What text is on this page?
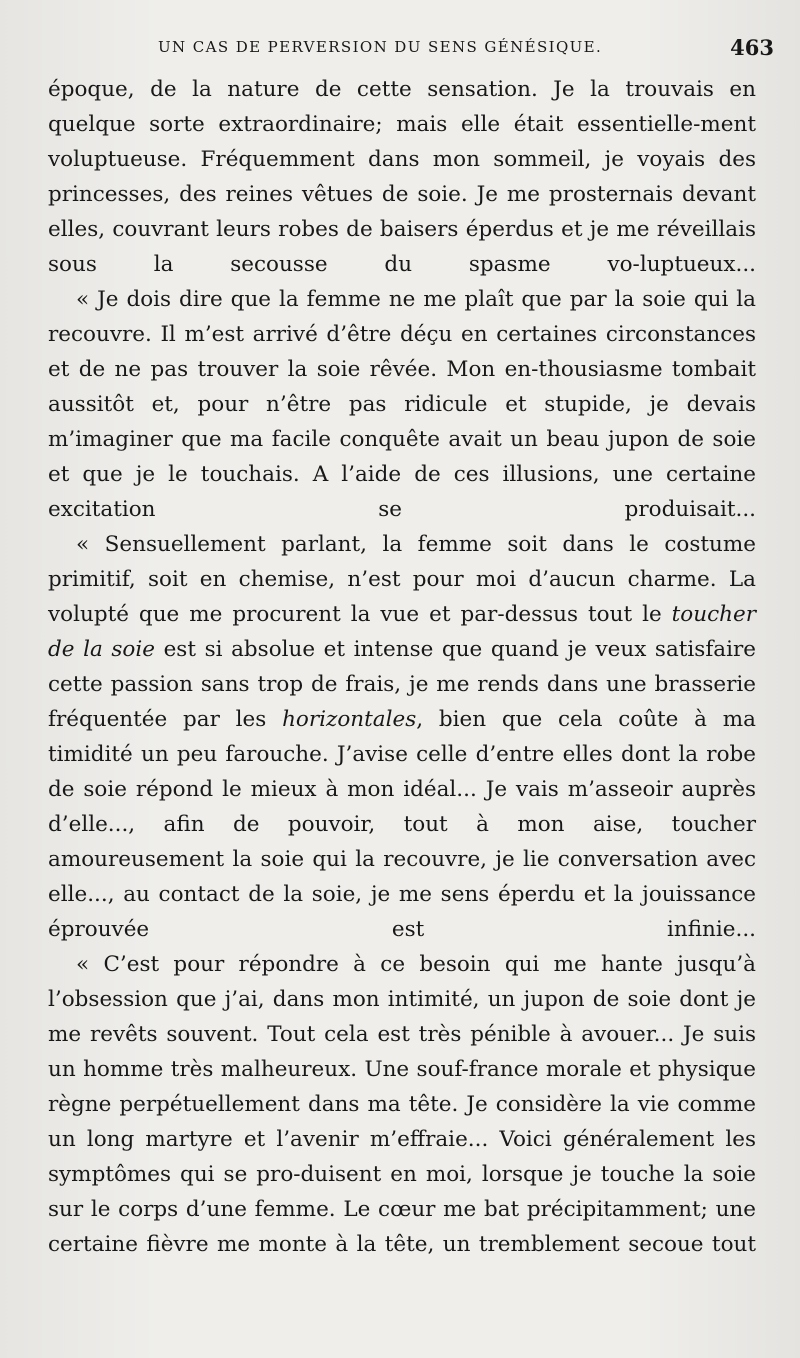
UN CAS DE PERVERSION DU SENS GÉNÉSIQUE.	463

époque, de la nature de cette sensation. Je la trouvais en quelque sorte extraordinaire; mais elle était essentielle-ment voluptueuse. Fréquemment dans mon sommeil, je voyais des princesses, des reines vêtues de soie. Je me prosternais devant elles, couvrant leurs robes de baisers éperdus et je me réveillais sous la secousse du spasme vo-luptueux...

« Je dois dire que la femme ne me plaît que par la soie qui la recouvre. Il m’est arrivé d’être déçu en certaines circonstances et de ne pas trouver la soie rêvée. Mon en-thousiasme tombait aussitôt et, pour n’être pas ridicule et stupide, je devais m’imaginer que ma facile conquête avait un beau jupon de soie et que je le touchais. A l’aide de ces illusions, une certaine excitation se produisait...

« Sensuellement parlant, la femme soit dans le costume primitif, soit en chemise, n’est pour moi d’aucun charme. La volupté que me procurent la vue et par-dessus tout le toucher de la soie est si absolue et intense que quand je veux satisfaire cette passion sans trop de frais, je me rends dans une brasserie fréquentée par les horizontales, bien que cela coûte à ma timidité un peu farouche. J’avise celle d’entre elles dont la robe de soie répond le mieux à mon idéal... Je vais m’asseoir auprès d’elle..., afin de pouvoir, tout à mon aise, toucher amoureusement la soie qui la recouvre, je lie conversation avec elle..., au contact de la soie, je me sens éperdu et la jouissance éprouvée est infinie...

« C’est pour répondre à ce besoin qui me hante jusqu’à l’obsession que j’ai, dans mon intimité, un jupon de soie dont je me revêts souvent. Tout cela est très pénible à avouer... Je suis un homme très malheureux. Une souf-france morale et physique règne perpétuellement dans ma tête. Je considère la vie comme un long martyre et l’avenir m’effraie... Voici généralement les symptômes qui se pro-duisent en moi, lorsque je touche la soie sur le corps d’une femme. Le cœur me bat précipitamment; une certaine fièvre me monte à la tête, un tremblement secoue tout
